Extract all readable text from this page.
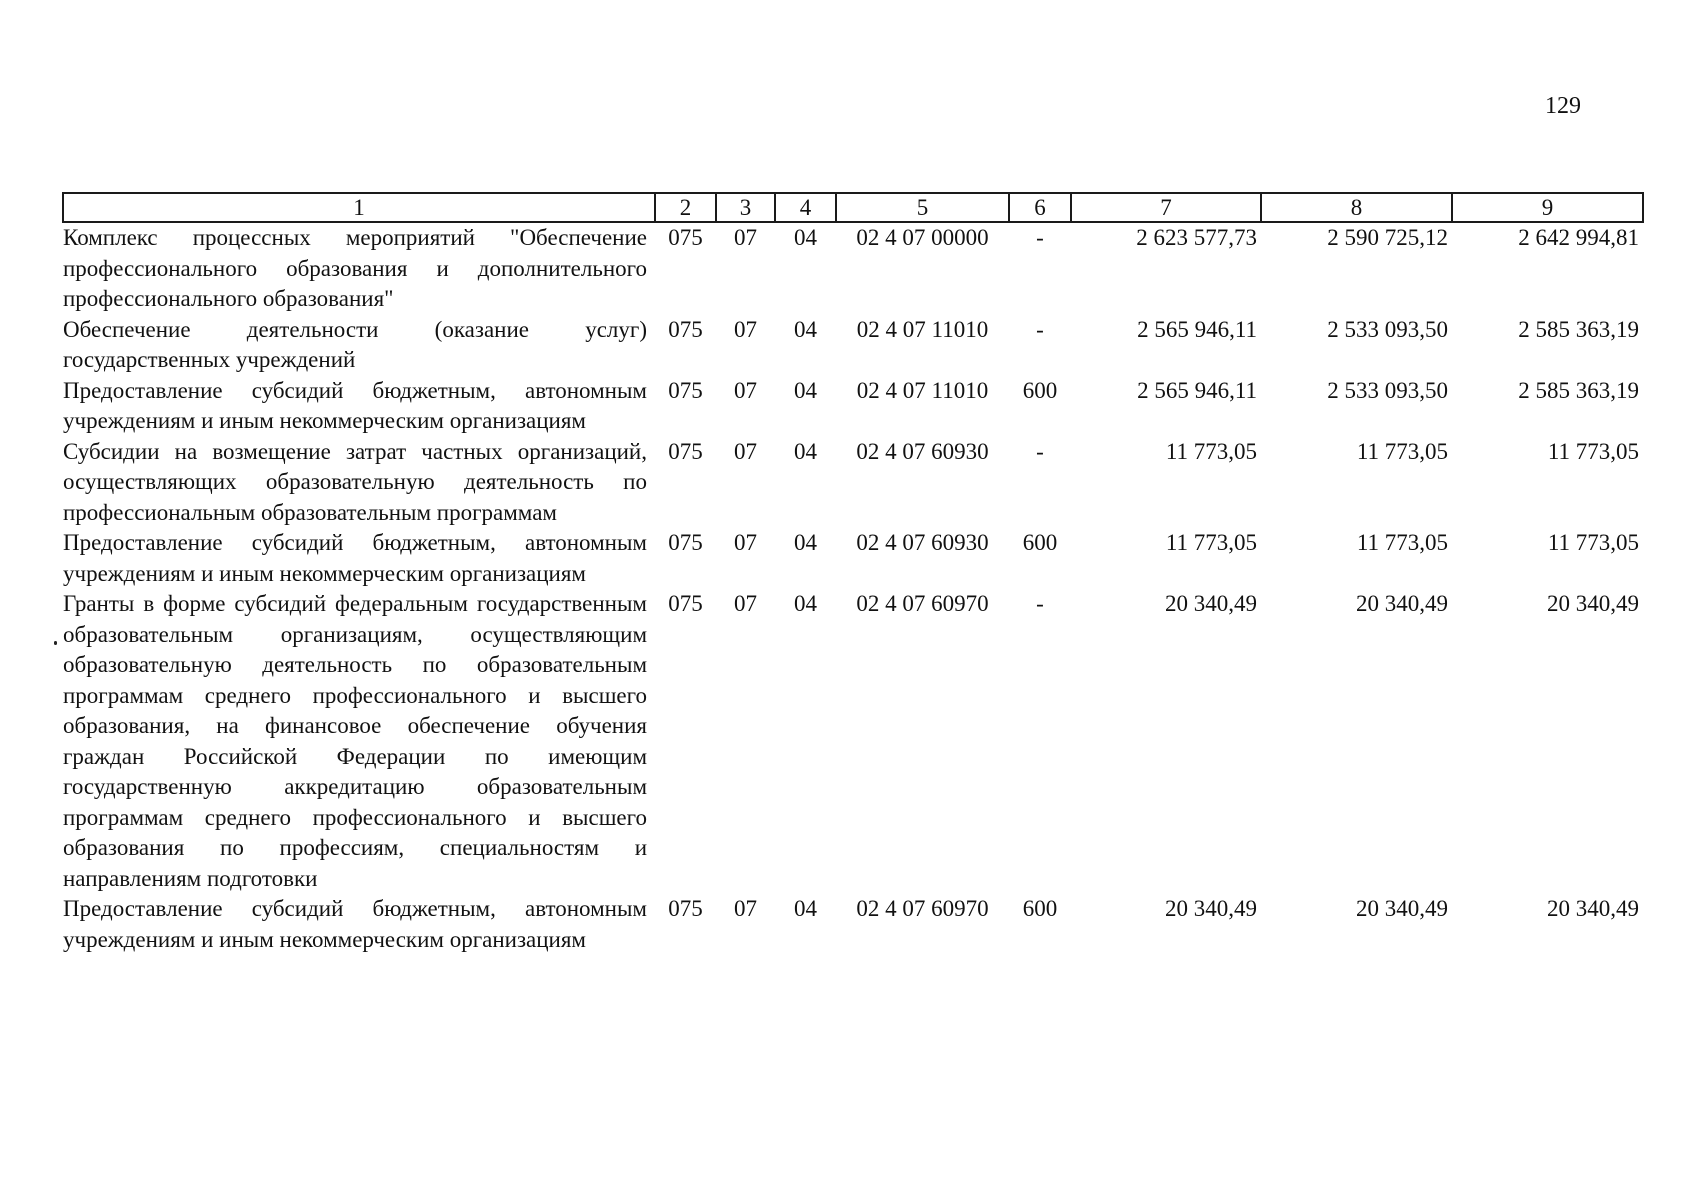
129
1	2	3	4	5	6	7	8	9
Комплекс процессных мероприятий "Обеспечение профессионального образования и дополнительного профессионального образования"	075	07	04	02 4 07 00000	-	2 623 577,73	2 590 725,12	2 642 994,81
Обеспечение деятельности (оказание услуг) государственных учреждений	075	07	04	02 4 07 11010	-	2 565 946,11	2 533 093,50	2 585 363,19
Предоставление субсидий бюджетным, автономным учреждениям и иным некоммерческим организациям	075	07	04	02 4 07 11010	600	2 565 946,11	2 533 093,50	2 585 363,19
Субсидии на возмещение затрат частных организаций, осуществляющих образовательную деятельность по профессиональным образовательным программам	075	07	04	02 4 07 60930	-	11 773,05	11 773,05	11 773,05
Предоставление субсидий бюджетным, автономным учреждениям и иным некоммерческим организациям	075	07	04	02 4 07 60930	600	11 773,05	11 773,05	11 773,05
Гранты в форме субсидий федеральным государственным образовательным организациям, осуществляющим образовательную деятельность по образовательным программам среднего профессионального и высшего образования, на финансовое обеспечение обучения граждан Российской Федерации по имеющим государственную аккредитацию образовательным программам среднего профессионального и высшего образования по профессиям, специальностям и направлениям подготовки	075	07	04	02 4 07 60970	-	20 340,49	20 340,49	20 340,49
Предоставление субсидий бюджетным, автономным учреждениям и иным некоммерческим организациям	075	07	04	02 4 07 60970	600	20 340,49	20 340,49	20 340,49
